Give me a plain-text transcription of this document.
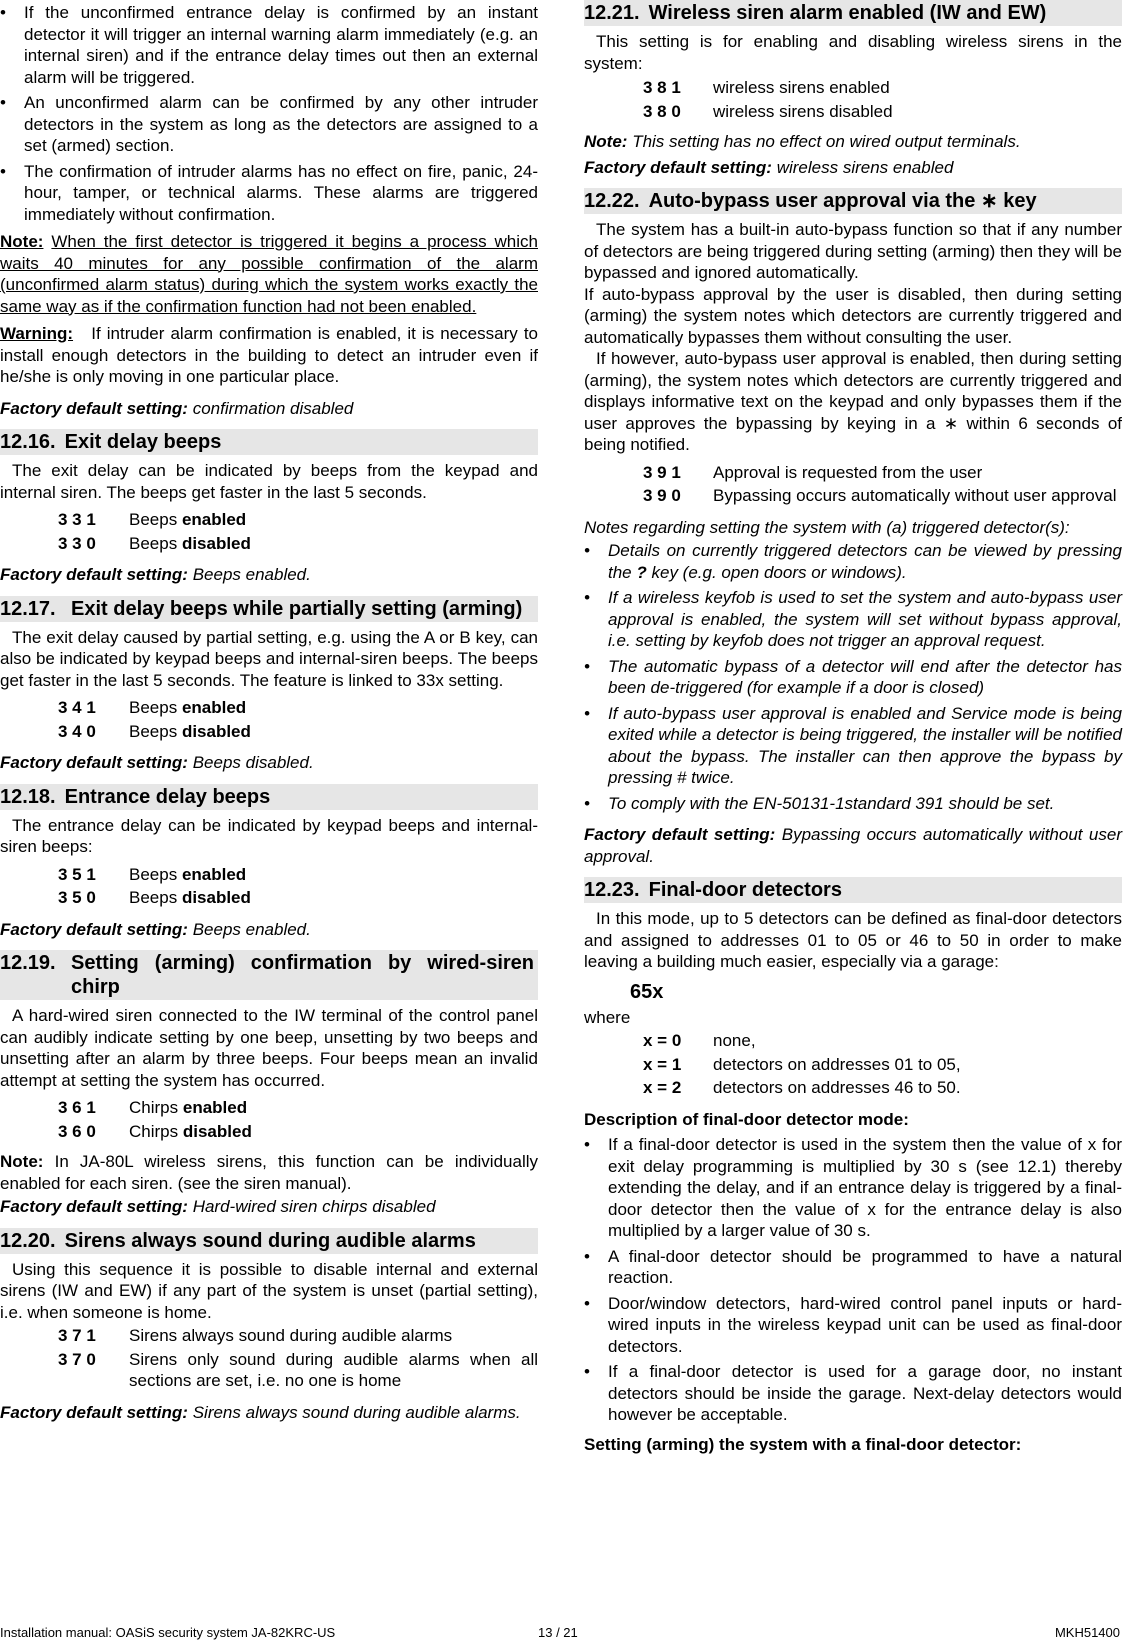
•	If the unconfirmed entrance delay is confirmed by an instant detector it will trigger an internal warning alarm immediately (e.g. an internal siren) and if the entrance delay times out then an external alarm will be triggered.
•	An unconfirmed alarm can be confirmed by any other intruder detectors in the system as long as the detectors are assigned to a set (armed) section.
•	The confirmation of intruder alarms has no effect on fire, panic, 24-hour, tamper, or technical alarms. These alarms are triggered immediately without confirmation.

Note: When the first detector is triggered it begins a process which waits 40 minutes for any possible confirmation of the alarm (unconfirmed alarm status) during which the system works exactly the same way as if the confirmation function had not been enabled.

Warning: If intruder alarm confirmation is enabled, it is necessary to install enough detectors in the building to detect an intruder even if he/she is only moving in one particular place.

Factory default setting: confirmation disabled

12.16. Exit delay beeps

The exit delay can be indicated by beeps from the keypad and internal siren. The beeps get faster in the last 5 seconds.

3 3 1	Beeps enabled
3 3 0	Beeps disabled

Factory default setting: Beeps enabled.

12.17. Exit delay beeps while partially setting (arming)

The exit delay caused by partial setting, e.g. using the A or B key, can also be indicated by keypad beeps and internal-siren beeps. The beeps get faster in the last 5 seconds. The feature is linked to 33x setting.

3 4 1	Beeps enabled
3 4 0	Beeps disabled

Factory default setting: Beeps disabled.

12.18. Entrance delay beeps

The entrance delay can be indicated by keypad beeps and internal-siren beeps:

3 5 1	Beeps enabled
3 5 0	Beeps disabled

Factory default setting: Beeps enabled.

12.19. Setting (arming) confirmation by wired-siren chirp

A hard-wired siren connected to the IW terminal of the control panel can audibly indicate setting by one beep, unsetting by two beeps and unsetting after an alarm by three beeps. Four beeps mean an invalid attempt at setting the system has occurred.

3 6 1	Chirps enabled
3 6 0	Chirps disabled

Note: In JA-80L wireless sirens, this function can be individually enabled for each siren. (see the siren manual).

Factory default setting: Hard-wired siren chirps disabled

12.20. Sirens always sound during audible alarms

Using this sequence it is possible to disable internal and external sirens (IW and EW) if any part of the system is unset (partial setting), i.e. when someone is home.

3 7 1	Sirens always sound during audible alarms
3 7 0	Sirens only sound during audible alarms when all sections are set, i.e. no one is home

Factory default setting: Sirens always sound during audible alarms.

12.21. Wireless siren alarm enabled (IW and EW)

This setting is for enabling and disabling wireless sirens in the system:

3 8 1	wireless sirens enabled
3 8 0	wireless sirens disabled

Note: This setting has no effect on wired output terminals.

Factory default setting: wireless sirens enabled

12.22. Auto-bypass user approval via the ∗ key

The system has a built-in auto-bypass function so that if any number of detectors are being triggered during setting (arming) then they will be bypassed and ignored automatically.

If auto-bypass approval by the user is disabled, then during setting (arming) the system notes which detectors are currently triggered and automatically bypasses them without consulting the user.

If however, auto-bypass user approval is enabled, then during setting (arming), the system notes which detectors are currently triggered and displays informative text on the keypad and only bypasses them if the user approves the bypassing by keying in a ∗ within 6 seconds of being notified.

3 9 1	Approval is requested from the user
3 9 0	Bypassing occurs automatically without user approval

Notes regarding setting the system with (a) triggered detector(s):

•	Details on currently triggered detectors can be viewed by pressing the ? key (e.g. open doors or windows).
•	If a wireless keyfob is used to set the system and auto-bypass user approval is enabled, the system will set without bypass approval, i.e. setting by keyfob does not trigger an approval request.
•	The automatic bypass of a detector will end after the detector has been de-triggered (for example if a door is closed)
•	If auto-bypass user approval is enabled and Service mode is being exited while a detector is being triggered, the installer will be notified about the bypass. The installer can then approve the bypass by pressing # twice.
•	To comply with the EN-50131-1standard 391 should be set.

Factory default setting: Bypassing occurs automatically without user approval.

12.23. Final-door detectors

In this mode, up to 5 detectors can be defined as final-door detectors and assigned to addresses 01 to 05 or 46 to 50 in order to make leaving a building much easier, especially via a garage:

65x

where

x = 0	none,
x = 1	detectors on addresses 01 to 05,
x = 2	detectors on addresses 46 to 50.

Description of final-door detector mode:

•	If a final-door detector is used in the system then the value of x for exit delay programming is multiplied by 30 s (see 12.1) thereby extending the delay, and if an entrance delay is triggered by a final-door detector then the value of x for the entrance delay is also multiplied by a larger value of 30 s.
•	A final-door detector should be programmed to have a natural reaction.
•	Door/window detectors, hard-wired control panel inputs or hard-wired inputs in the wireless keypad unit can be used as final-door detectors.
•	If a final-door detector is used for a garage door, no instant detectors should be inside the garage. Next-delay detectors would however be acceptable.

Setting (arming) the system with a final-door detector:

Installation manual: OASiS security system JA-82KRC-US	13 / 21	MKH51400
